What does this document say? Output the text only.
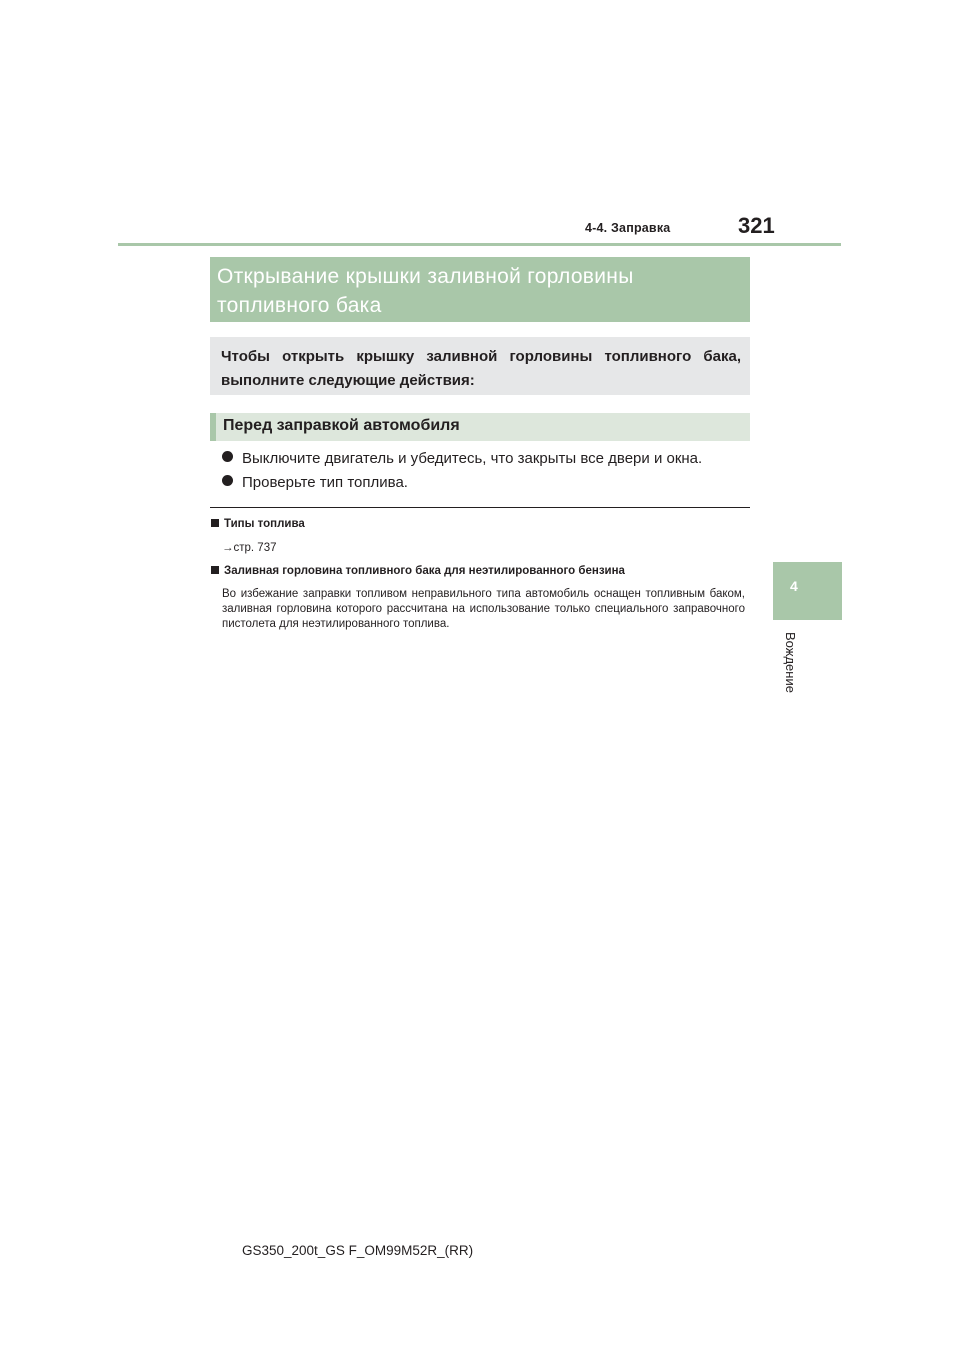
4-4. Заправка	321
4
Вождение
Открывание крышки заливной горловины топливного бака
Чтобы открыть крышку заливной горловины топливного бака, выполните следующие действия:
Перед заправкой автомобиля
Выключите двигатель и убедитесь, что закрыты все двери и окна.
Проверьте тип топлива.
Типы топлива
→стр. 737
Заливная горловина топливного бака для неэтилированного бензина
Во избежание заправки топливом неправильного типа автомобиль оснащен топливным баком, заливная горловина которого рассчитана на использование только специального заправочного пистолета для неэтилированного топлива.
GS350_200t_GS F_OM99M52R_(RR)
